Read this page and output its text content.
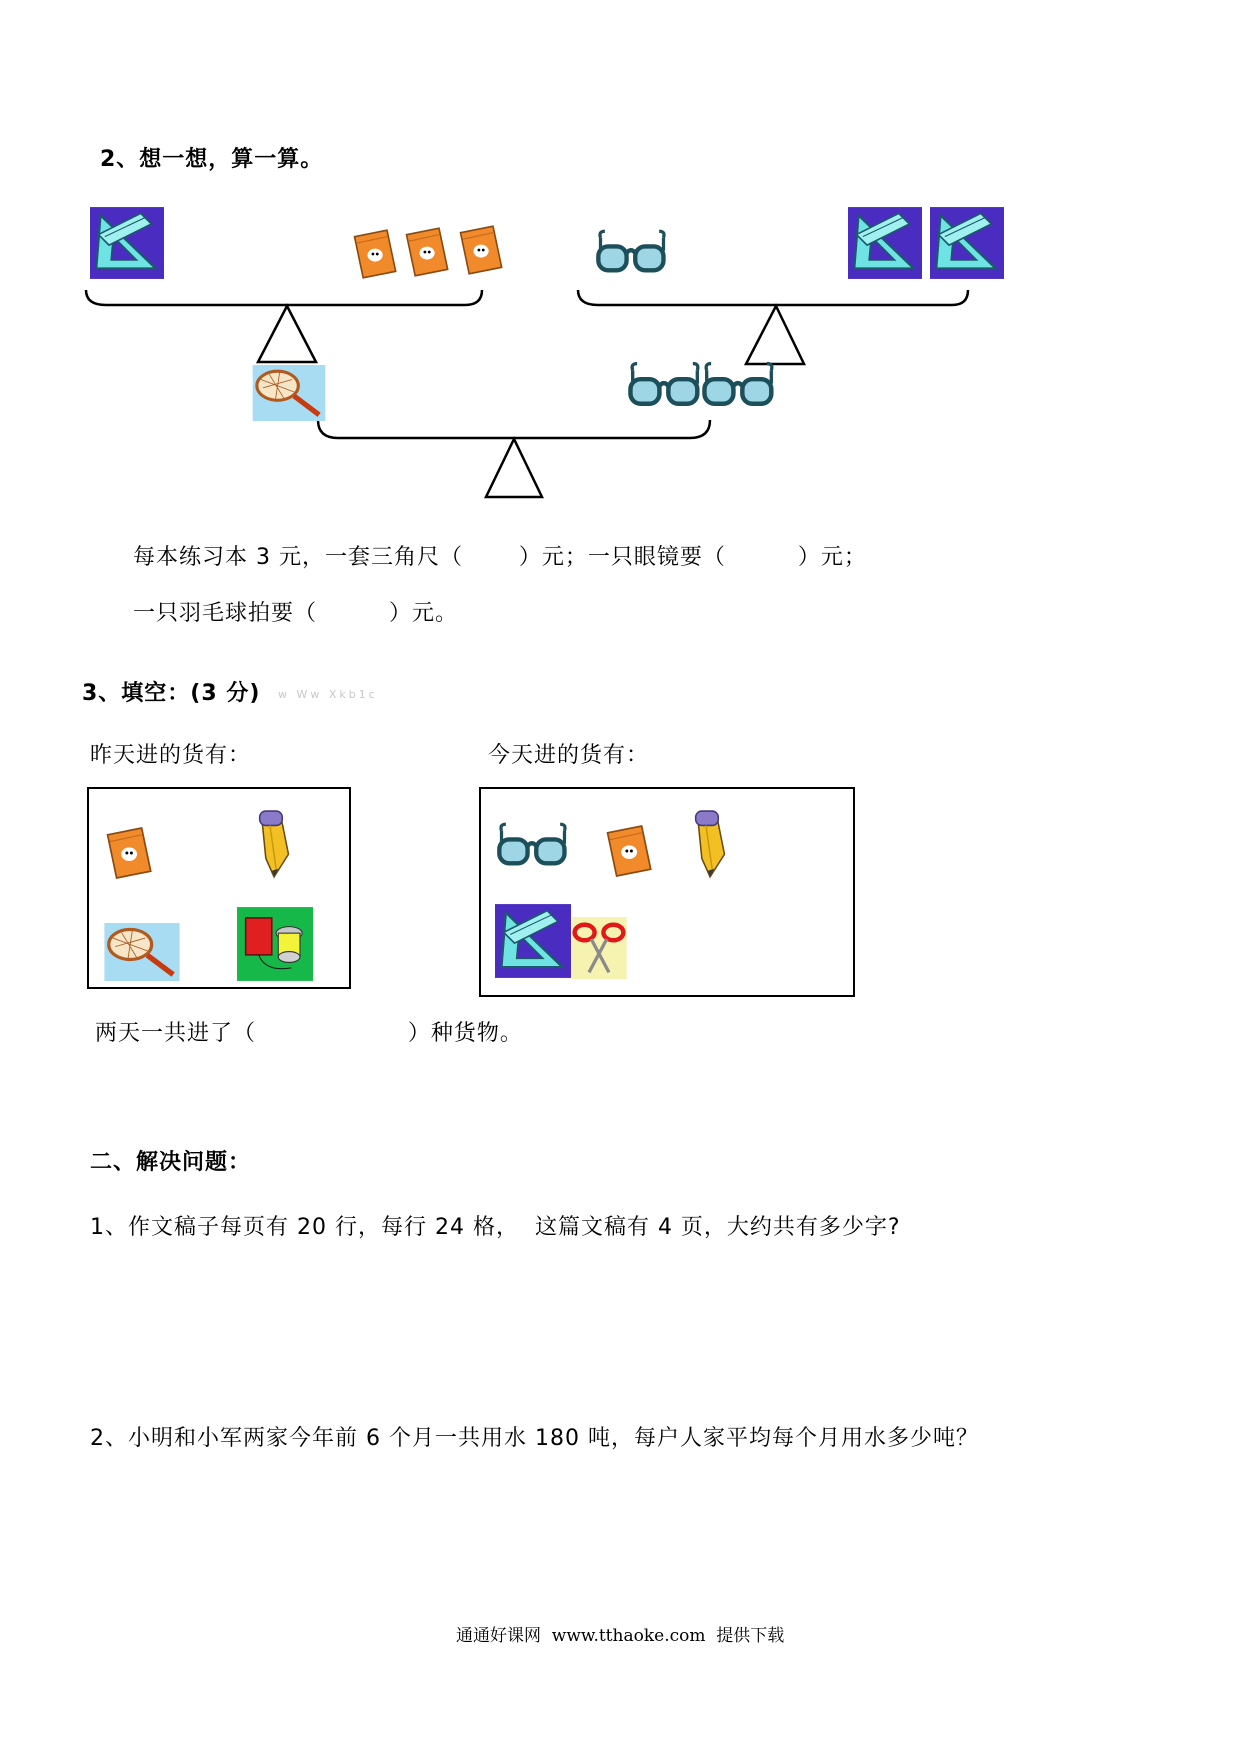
2、想一想，算一算。
每本练习本 3 元，一套三角尺（       ）元；一只眼镜要（         ）元；
一只羽毛球拍要（         ）元。
3、填空：(3 分) w Ww Xkb1c
昨天进的货有：	今天进的货有：
两天一共进了（                   ）种货物。
二、解决问题：
1、作文稿子每页有 20 行，每行 24 格，  这篇文稿有 4 页，大约共有多少字?
2、小明和小军两家今年前 6 个月一共用水 180 吨，每户人家平均每个月用水多少吨？
通通好课网  www.tthaoke.com  提供下载
